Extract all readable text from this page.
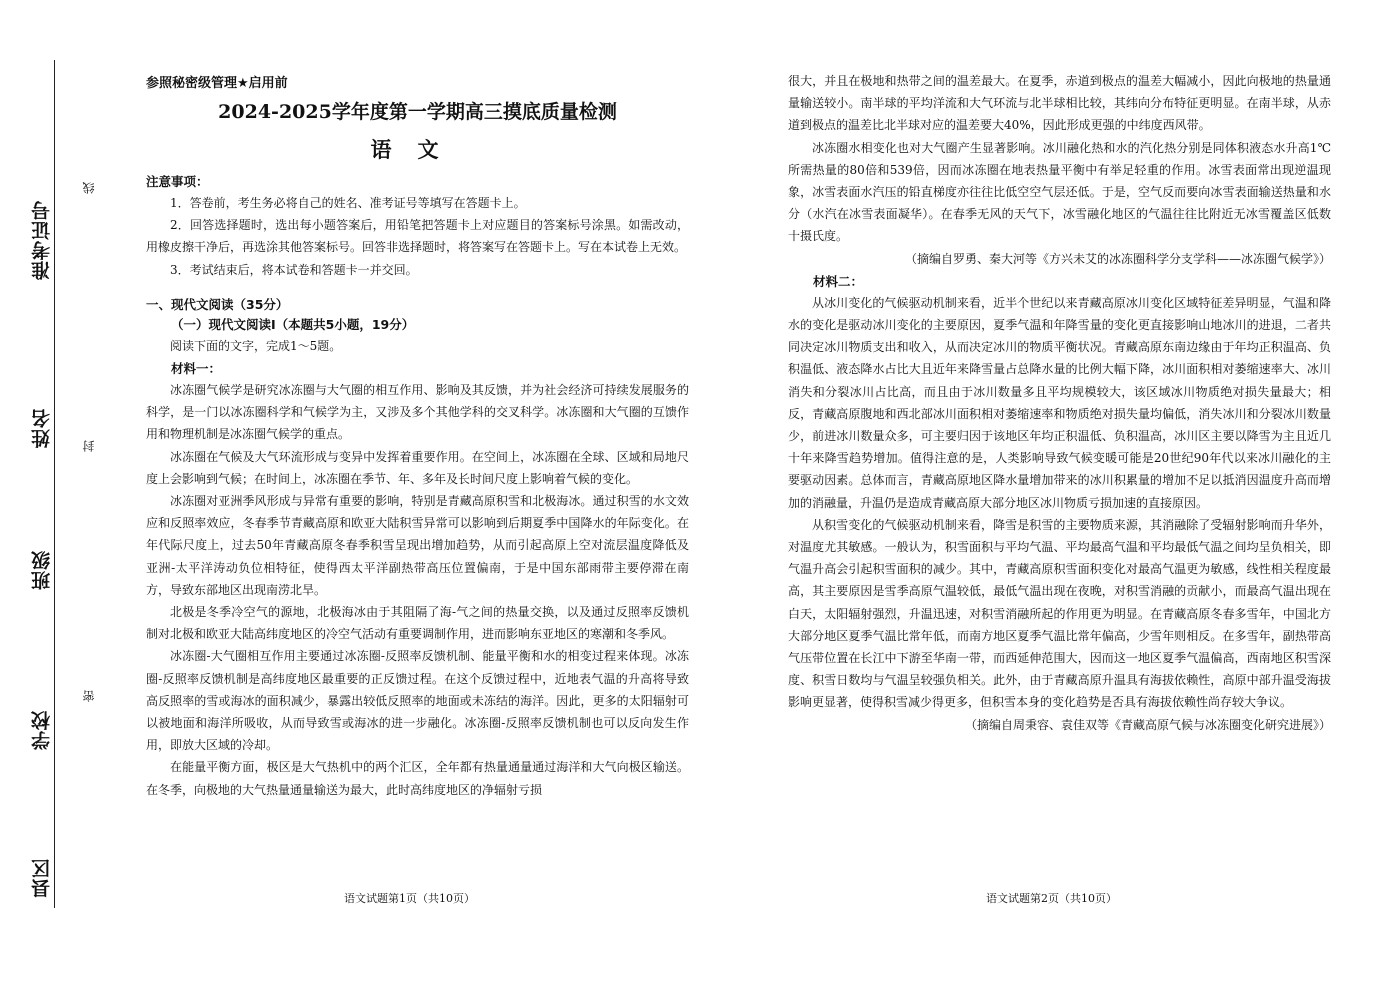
准考证号
姓名
班级
学校
县区
线
封
密
参照秘密级管理★启用前
2024-2025学年度第一学期高三摸底质量检测
语文
注意事项：

1．答卷前，考生务必将自己的姓名、准考证号等填写在答题卡上。

2．回答选择题时，选出每小题答案后，用铅笔把答题卡上对应题目的答案标号涂黑。如需改动，用橡皮擦干净后，再选涂其他答案标号。回答非选择题时，将答案写在答题卡上。写在本试卷上无效。

3．考试结束后，将本试卷和答题卡一并交回。

一、现代文阅读（35分）
（一）现代文阅读Ⅰ（本题共5小题，19分）

阅读下面的文字，完成1～5题。

材料一：

冰冻圈气候学是研究冰冻圈与大气圈的相互作用、影响及其反馈，并为社会经济可持续发展服务的科学，是一门以冰冻圈科学和气候学为主，又涉及多个其他学科的交叉科学。冰冻圈和大气圈的互馈作用和物理机制是冰冻圈气候学的重点。

冰冻圈在气候及大气环流形成与变异中发挥着重要作用。在空间上，冰冻圈在全球、区域和局地尺度上会影响到气候；在时间上，冰冻圈在季节、年、多年及长时间尺度上影响着气候的变化。

冰冻圈对亚洲季风形成与异常有重要的影响，特别是青藏高原积雪和北极海冰。通过积雪的水文效应和反照率效应，冬春季节青藏高原和欧亚大陆积雪异常可以影响到后期夏季中国降水的年际变化。在年代际尺度上，过去50年青藏高原冬春季积雪呈现出增加趋势，从而引起高原上空对流层温度降低及亚洲-太平洋涛动负位相特征，使得西太平洋副热带高压位置偏南，于是中国东部雨带主要停滞在南方，导致东部地区出现南涝北旱。

北极是冬季冷空气的源地，北极海冰由于其阻隔了海-气之间的热量交换，以及通过反照率反馈机制对北极和欧亚大陆高纬度地区的冷空气活动有重要调制作用，进而影响东亚地区的寒潮和冬季风。

冰冻圈-大气圈相互作用主要通过冰冻圈-反照率反馈机制、能量平衡和水的相变过程来体现。冰冻圈-反照率反馈机制是高纬度地区最重要的正反馈过程。在这个反馈过程中，近地表气温的升高将导致高反照率的雪或海冰的面积减少，暴露出较低反照率的地面或未冻结的海洋。因此，更多的太阳辐射可以被地面和海洋所吸收，从而导致雪或海冰的进一步融化。冰冻圈-反照率反馈机制也可以反向发生作用，即放大区域的冷却。

在能量平衡方面，极区是大气热机中的两个汇区，全年都有热量通量通过海洋和大气向极区输送。在冬季，向极地的大气热量通量输送为最大，此时高纬度地区的净辐射亏损

语文试题第1页（共10页）

很大，并且在极地和热带之间的温差最大。在夏季，赤道到极点的温差大幅减小，因此向极地的热量通量输送较小。南半球的平均洋流和大气环流与北半球相比较，其纬向分布特征更明显。在南半球，从赤道到极点的温差比北半球对应的温差要大40%，因此形成更强的中纬度西风带。

冰冻圈水相变化也对大气圈产生显著影响。冰川融化热和水的汽化热分别是同体积液态水升高1℃所需热量的80倍和539倍，因而冰冻圈在地表热量平衡中有举足轻重的作用。冰雪表面常出现逆温现象，冰雪表面水汽压的铅直梯度亦往往比低空空气层还低。于是，空气反而要向冰雪表面输送热量和水分（水汽在冰雪表面凝华）。在春季无风的天气下，冰雪融化地区的气温往往比附近无冰雪覆盖区低数十摄氏度。

（摘编自罗勇、秦大河等《方兴未艾的冰冻圈科学分支学科——冰冻圈气候学》）

材料二：

从冰川变化的气候驱动机制来看，近半个世纪以来青藏高原冰川变化区域特征差异明显，气温和降水的变化是驱动冰川变化的主要原因，夏季气温和年降雪量的变化更直接影响山地冰川的进退，二者共同决定冰川物质支出和收入，从而决定冰川的物质平衡状况。青藏高原东南边缘由于年均正积温高、负积温低、液态降水占比大且近年来降雪量占总降水量的比例大幅下降，冰川面积相对萎缩速率大、冰川消失和分裂冰川占比高，而且由于冰川数量多且平均规模较大，该区域冰川物质绝对损失量最大；相反，青藏高原腹地和西北部冰川面积相对萎缩速率和物质绝对损失量均偏低，消失冰川和分裂冰川数量少，前进冰川数量众多，可主要归因于该地区年均正积温低、负积温高，冰川区主要以降雪为主且近几十年来降雪趋势增加。值得注意的是，人类影响导致气候变暖可能是20世纪90年代以来冰川融化的主要驱动因素。总体而言，青藏高原地区降水量增加带来的冰川积累量的增加不足以抵消因温度升高而增加的消融量，升温仍是造成青藏高原大部分地区冰川物质亏损加速的直接原因。

从积雪变化的气候驱动机制来看，降雪是积雪的主要物质来源，其消融除了受辐射影响而升华外，对温度尤其敏感。一般认为，积雪面积与平均气温、平均最高气温和平均最低气温之间均呈负相关，即气温升高会引起积雪面积的减少。其中，青藏高原积雪面积变化对最高气温更为敏感，线性相关程度最高，其主要原因是雪季高原气温较低，最低气温出现在夜晚，对积雪消融的贡献小，而最高气温出现在白天，太阳辐射强烈，升温迅速，对积雪消融所起的作用更为明显。在青藏高原冬春多雪年，中国北方大部分地区夏季气温比常年低，而南方地区夏季气温比常年偏高，少雪年则相反。在多雪年，副热带高气压带位置在长江中下游至华南一带，而西延伸范围大，因而这一地区夏季气温偏高，西南地区积雪深度、积雪日数均与气温呈较强负相关。此外，由于青藏高原升温具有海拔依赖性，高原中部升温受海拔影响更显著，使得积雪减少得更多，但积雪本身的变化趋势是否具有海拔依赖性尚存较大争议。

（摘编自周秉容、袁佳双等《青藏高原气候与冰冻圈变化研究进展》）

语文试题第2页（共10页）
